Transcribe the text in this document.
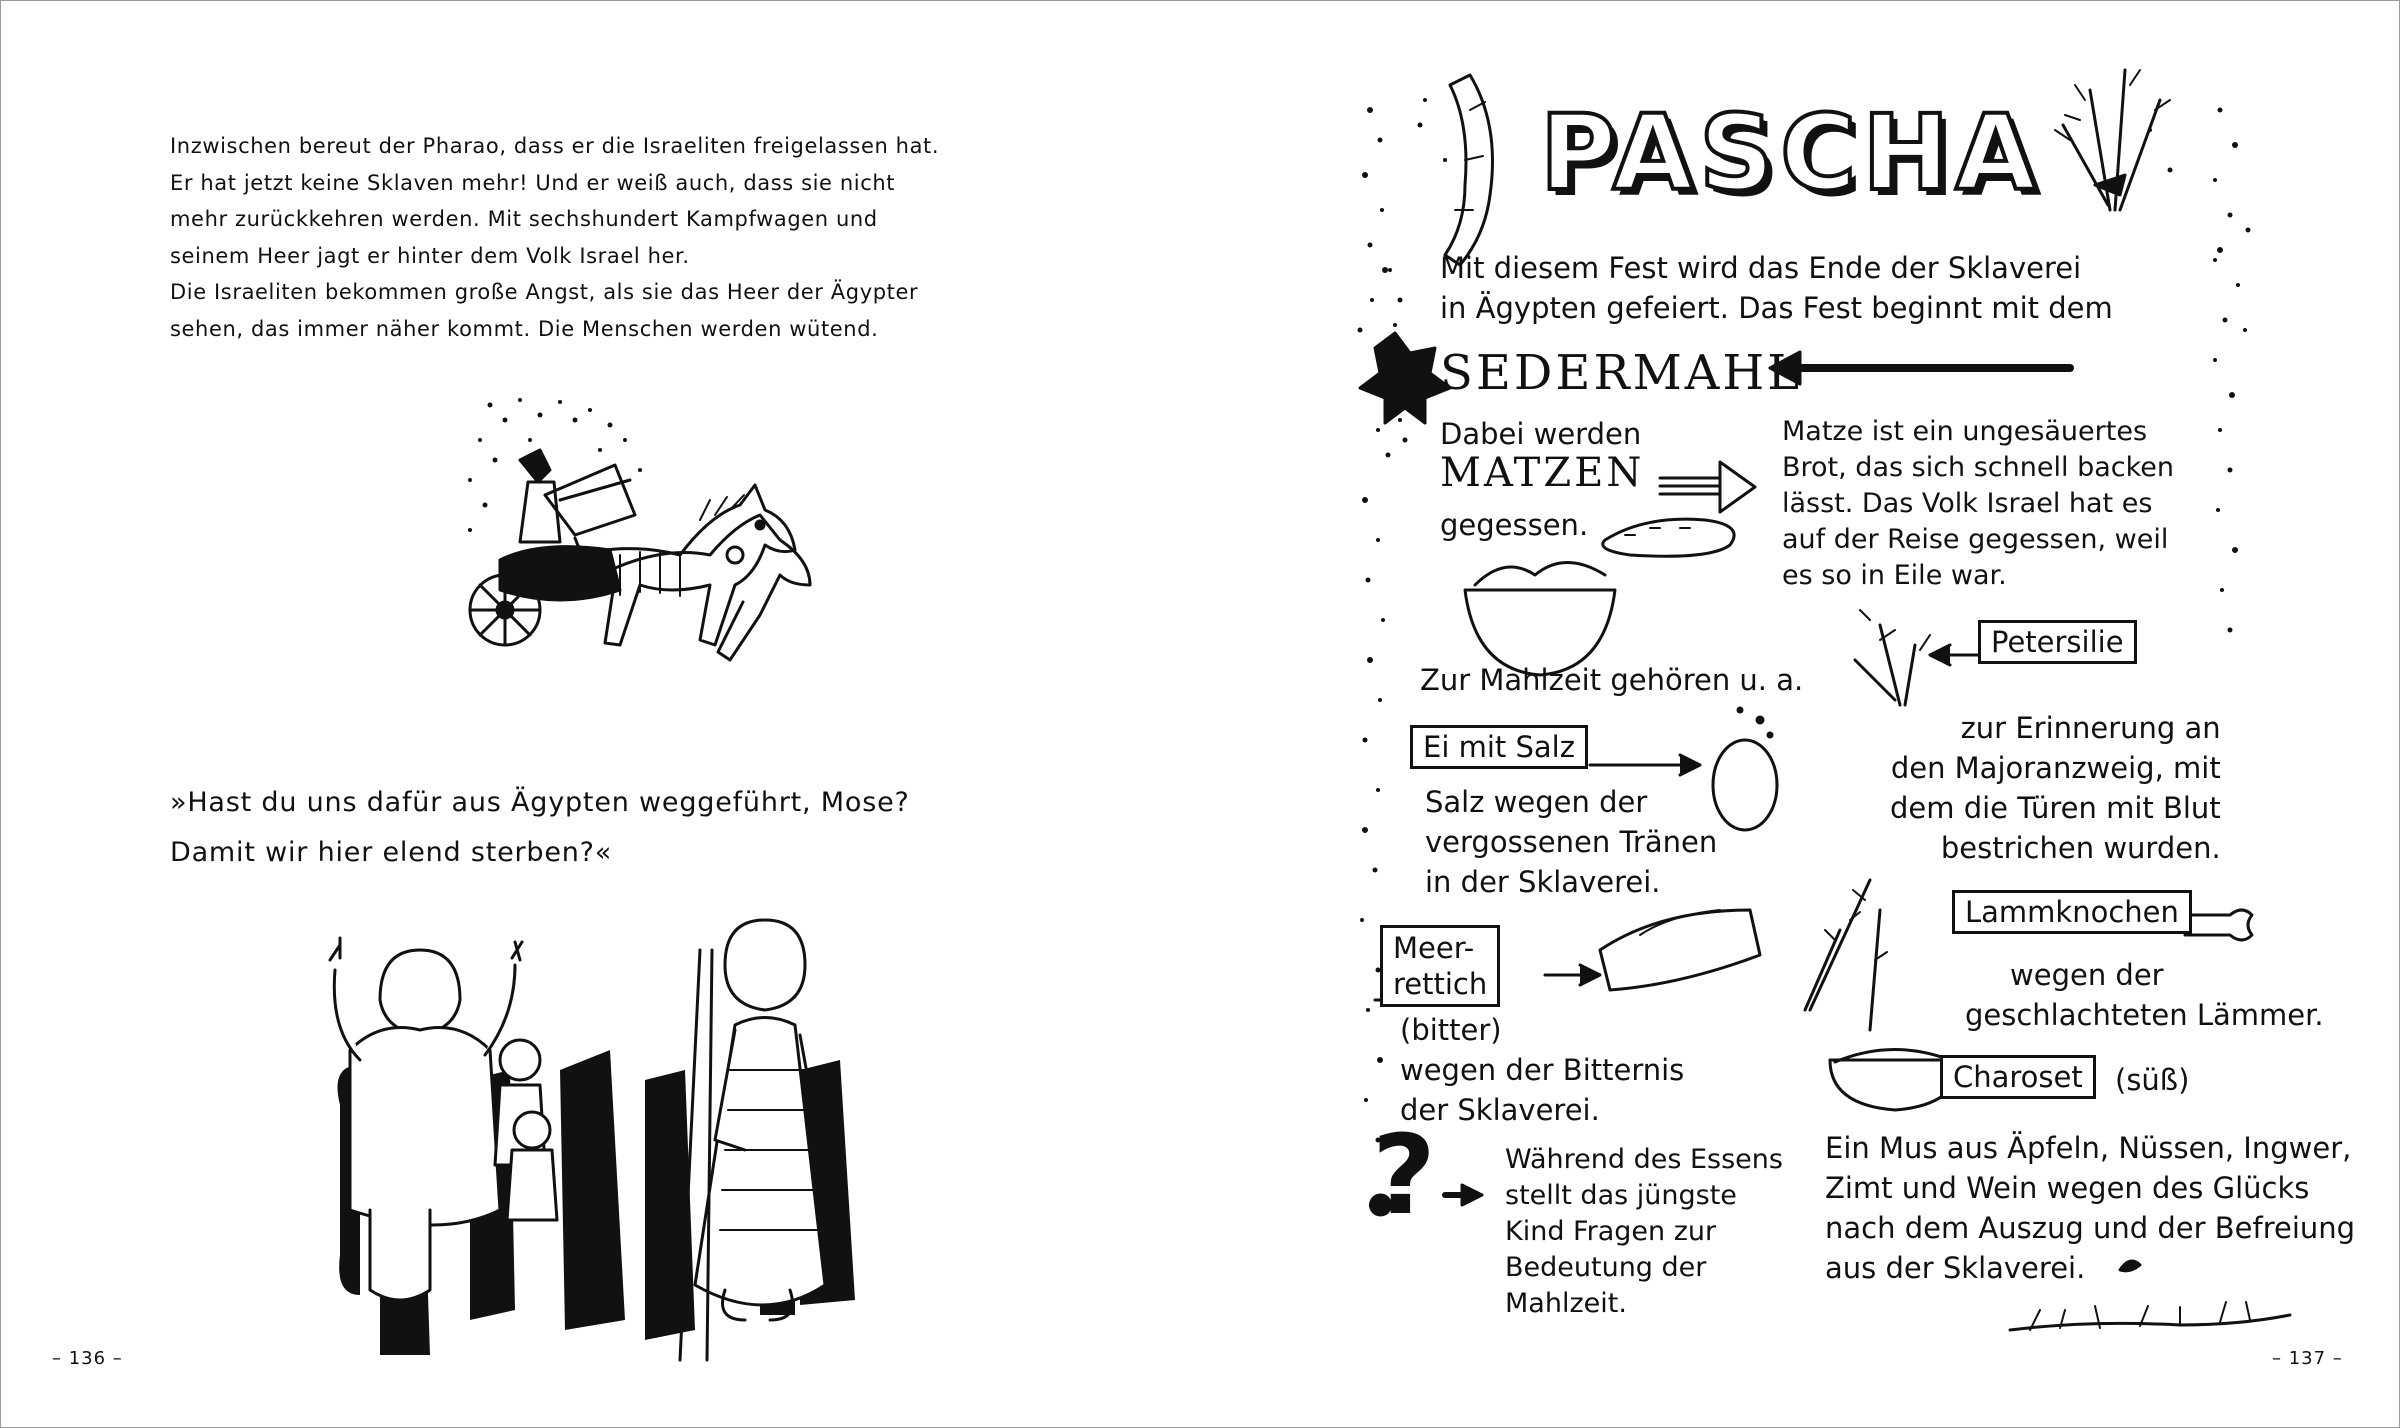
Inzwischen bereut der Pharao, dass er die Israeliten freigelassen hat.
Er hat jetzt keine Sklaven mehr! Und er weiß auch, dass sie nicht
mehr zurückkehren werden. Mit sechshundert Kampfwagen und
seinem Heer jagt er hinter dem Volk Israel her.
Die Israeliten bekommen große Angst, als sie das Heer der Ägypter
sehen, das immer näher kommt. Die Menschen werden wütend.
»Hast du uns dafür aus Ägypten weggeführt, Mose?
Damit wir hier elend sterben?«
– 136 –
PASCHA
Mit diesem Fest wird das Ende der Sklaverei
in Ägypten gefeiert. Das Fest beginnt mit dem
SEDERMAHL
Dabei werden
MATZEN
gegessen.
Matze ist ein ungesäuertes
Brot, das sich schnell backen
lässt. Das Volk Israel hat es
auf der Reise gegessen, weil
es so in Eile war.
Zur Mahlzeit gehören u. a.
Petersilie
zur Erinnerung an
den Majoranzweig, mit
dem die Türen mit Blut
bestrichen wurden.
Ei mit Salz
Salz wegen der
vergossenen Tränen
in der Sklaverei.
Lammknochen
wegen der
geschlachteten Lämmer.
Meer-
rettich
(bitter)
wegen der Bitternis
der Sklaverei.
Charoset	(süß)
Ein Mus aus Äpfeln, Nüssen, Ingwer,
Zimt und Wein wegen des Glücks
nach dem Auszug und der Befreiung
aus der Sklaverei.
?	Während des Essens
stellt das jüngste
Kind Fragen zur
Bedeutung der
Mahlzeit.
– 137 –
